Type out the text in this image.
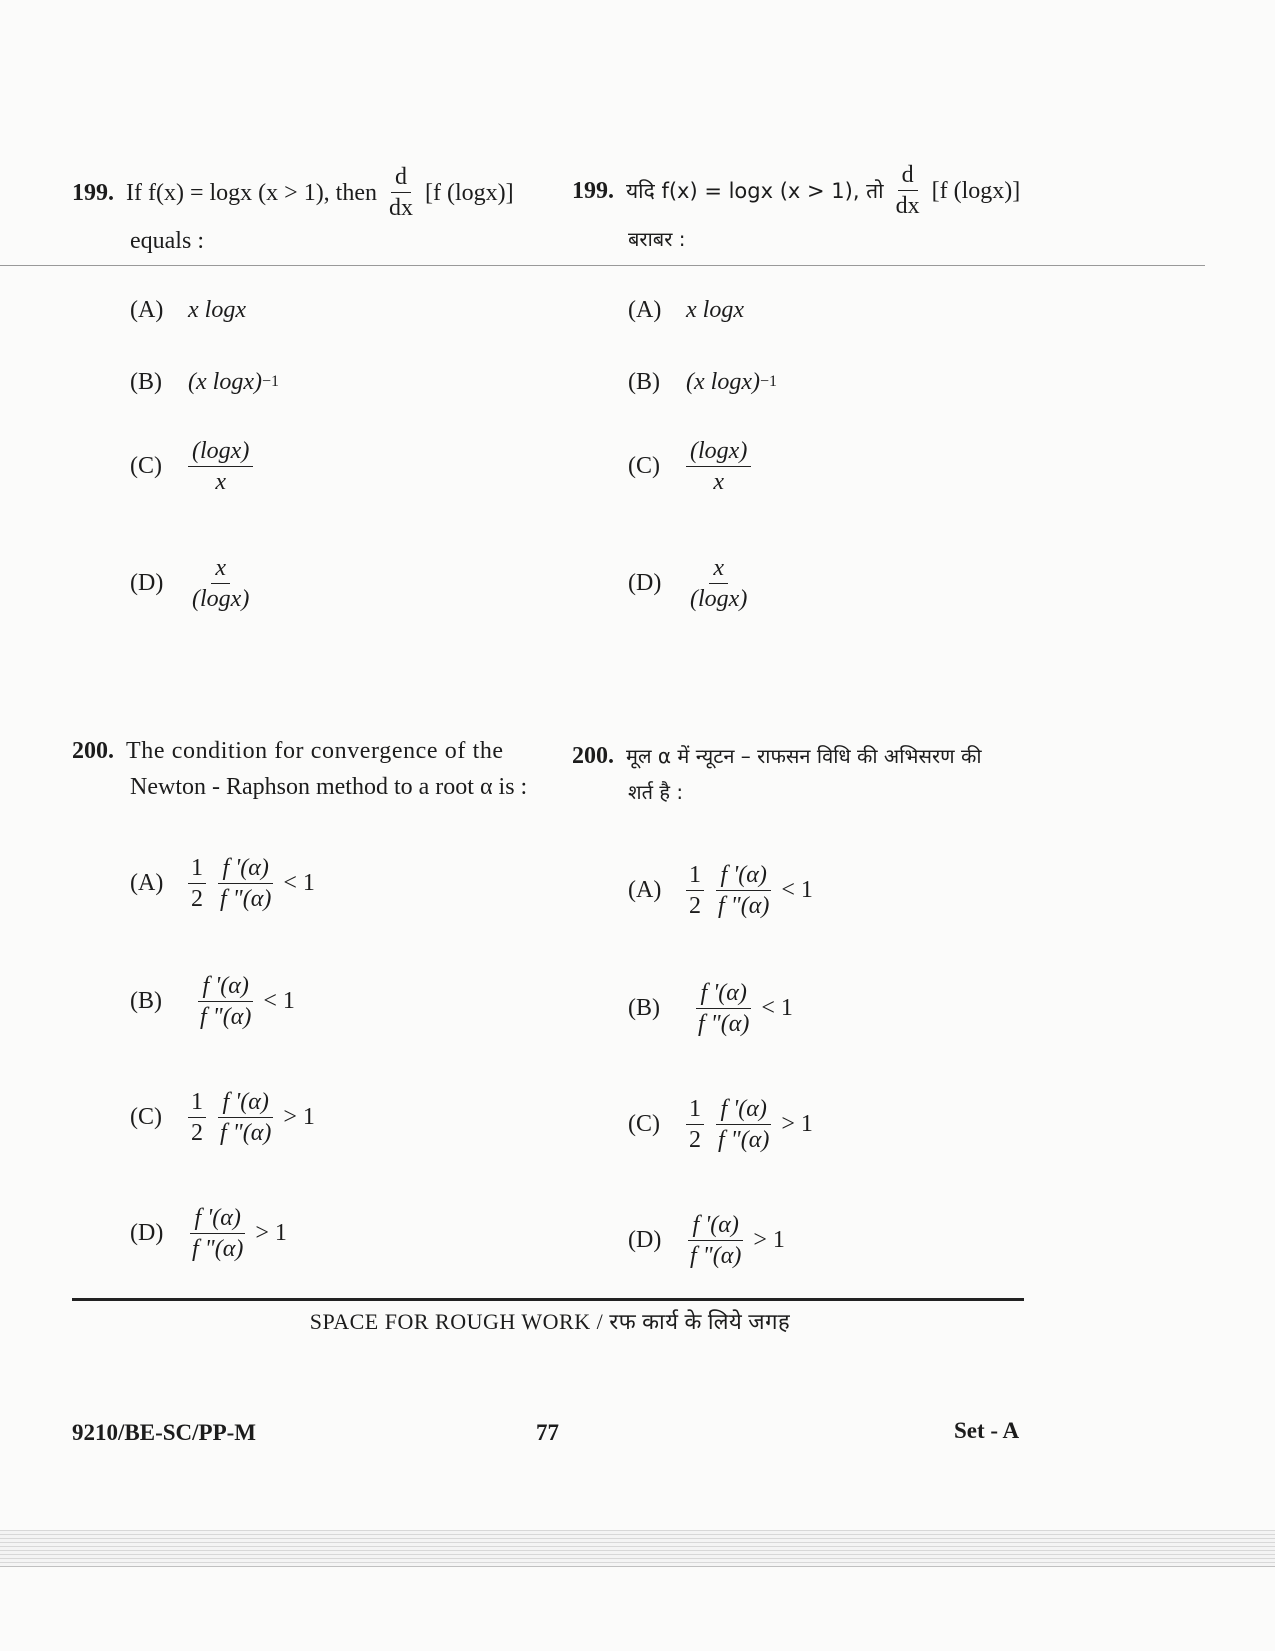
199. If f(x) = logx (x > 1), then $\frac{d}{dx} [f$ (logx)]
equals :
199. यदि f(x) = logx (x > 1), तो $\frac{d}{dx} [f$ (logx)]
बराबर :
(A)	x logx
(B)	(x logx) −1
(C)	$\frac{(\log x)}{x}$
(D)	$\frac{x}{(\log x)}$
(A)	x logx
(B)	(x logx) −1
(C)	$\frac{(\log x)}{x}$
(D)	$\frac{x}{(\log x)}$
200. The condition for convergence of the
Newton - Raphson method to a root α is :
200. मूल α में न्यूटन – राफसन विधि की अभिसरण की
शर्त है :
(A)
1
$2 \frac{f '(\alpha)}{f "(\alpha)} < 1$
(B)	$\frac{f '(\alpha)}{f "(\alpha)} < 1$
(C)
1
$2 \frac{f '(\alpha)}{f "(\alpha)} > 1$
(D)	$\frac{f '(\alpha)}{f "(\alpha)} > 1$
(A)
1
$2 \frac{f '(\alpha)}{f "(\alpha)} < 1$
(B)	$\frac{f '(\alpha)}{f "(\alpha)} < 1$
(C)
1
$2 \frac{f '(\alpha)}{f "(\alpha)} > 1$
(D)	$\frac{f '(\alpha)}{f "(\alpha)} > 1$
SPACE FOR ROUGH WORK / रफ कार्य के लिये जगह
9210/BE-SC/PP-M	77	Set - A
